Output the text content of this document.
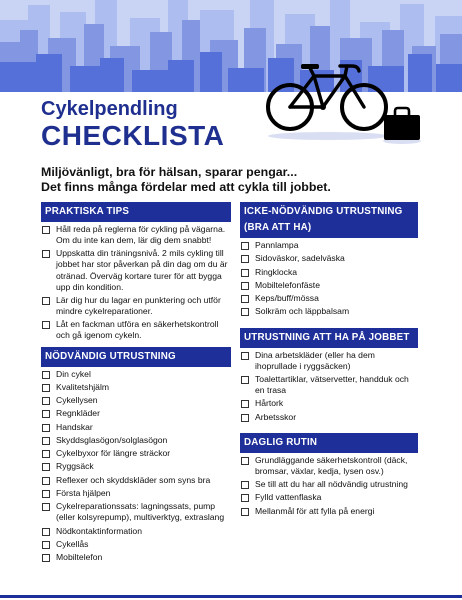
Cykelpendling
CHECKLISTA
Miljövänligt, bra för hälsan, sparar pengar...
Det finns många fördelar med att cykla till jobbet.
PRAKTISKA TIPS
Håll reda på reglerna för cykling på vägarna. Om du inte kan dem, lär dig dem snabbt!
Uppskatta din träningsnivå. 2 mils cykling till jobbet har stor påverkan på din dag om du är otränad. Överväg kortare turer för att bygga upp din kondition.
Lär dig hur du lagar en punktering och utför mindre cykelreparationer.
Låt en fackman utföra en säkerhetskontroll och gå igenom cykeln.
NÖDVÄNDIG UTRUSTNING
Din cykel
Kvalitetshjälm
Cykellysen
Regnkläder
Handskar
Skyddsglasögon/solglasögon
Cykelbyxor för längre sträckor
Ryggsäck
Reflexer och skyddskläder som syns bra
Första hjälpen
Cykelreparationssats: lagningssats, pump (eller kolsyrepump), multiverktyg, extraslang
Nödkontaktinformation
Cykellås
Mobiltelefon
ICKE-NÖDVÄNDIG UTRUSTNING
(BRA ATT HA)
Pannlampa
Sidoväskor, sadelväska
Ringklocka
Mobiltelefonfäste
Keps/buff/mössa
Solkräm och läppbalsam
UTRUSTNING ATT HA PÅ JOBBET
Dina arbetskläder (eller ha dem ihoprullade i ryggsäcken)
Toalettartiklar, vätservetter, handduk och en trasa
Hårtork
Arbetsskor
DAGLIG RUTIN
Grundläggande säkerhetskontroll (däck, bromsar, växlar, kedja, lysen osv.)
Se till att du har all nödvändig utrustning
Fylld vattenflaska
Mellanmål för att fylla på energi
